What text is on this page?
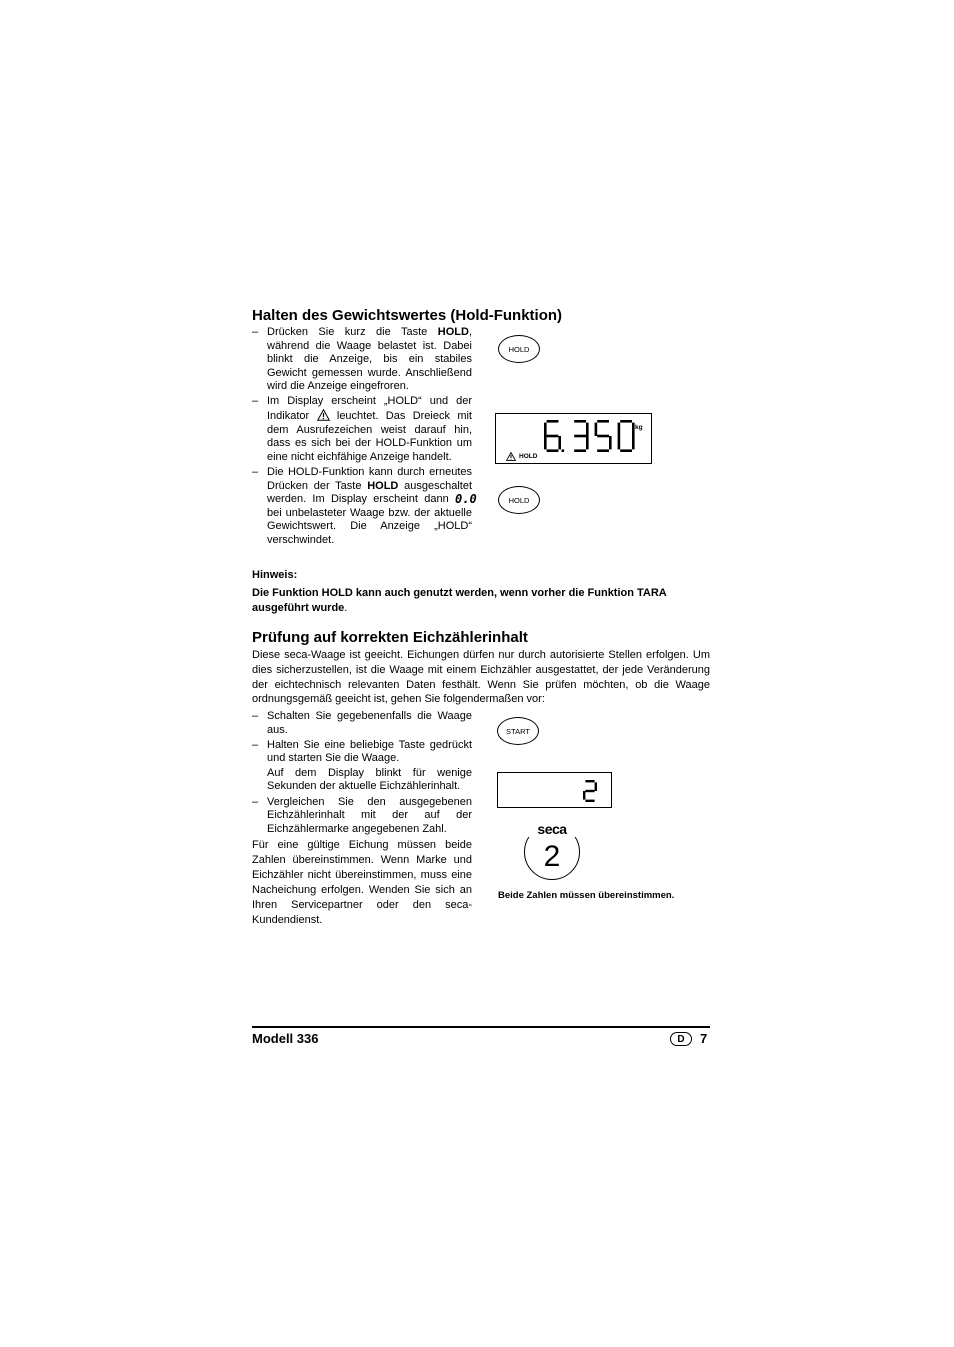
Halten des Gewichtswertes (Hold-Funktion)
– Drücken Sie kurz die Taste HOLD, während die Waage belastet ist. Dabei blinkt die Anzeige, bis ein stabiles Gewicht gemessen wurde. Anschließend wird die Anzeige eingefroren.
– Im Display erscheint „HOLD“ und der Indikator  leuchtet. Das Dreieck mit dem Ausrufezeichen weist darauf hin, dass es sich bei der HOLD-Funktion um eine nicht eichfähige Anzeige handelt.
– Die HOLD-Funktion kann durch erneutes Drücken der Taste HOLD ausgeschaltet werden. Im Display erscheint dann 0.0
bei unbelasteter Waage bzw. der aktuelle Gewichtswert. Die Anzeige „HOLD“ verschwindet.
HOLD
kg
HOLD
HOLD
Hinweis:
Die Funktion HOLD kann auch genutzt werden, wenn vorher die Funktion TARA ausgeführt wurde.
Prüfung auf korrekten Eichzählerinhalt
Diese seca-Waage ist geeicht. Eichungen dürfen nur durch autorisierte Stellen erfolgen. Um dies sicherzustellen, ist die Waage mit einem Eichzähler ausgestattet, der jede Veränderung der eichtechnisch relevanten Daten festhält. Wenn Sie prüfen möchten, ob die Waage ordnungsgemäß geeicht ist, gehen Sie folgendermaßen vor:
– Schalten Sie gegebenenfalls die Waage aus.
– Halten Sie eine beliebige Taste gedrückt und starten Sie die Waage.
Auf dem Display blinkt für wenige Sekunden der aktuelle Eichzählerinhalt.
– Vergleichen Sie den ausgegebenen Eichzählerinhalt mit der auf der Eichzählermarke angegebenen Zahl.
Für eine gültige Eichung müssen beide Zahlen übereinstimmen. Wenn Marke und Eichzähler nicht übereinstimmen, muss eine Nacheichung erfolgen. Wenden Sie sich an Ihren Servicepartner oder den seca-Kundendienst.
START
seca
2
Beide Zahlen müssen übereinstimmen.
Modell 336	D	7
